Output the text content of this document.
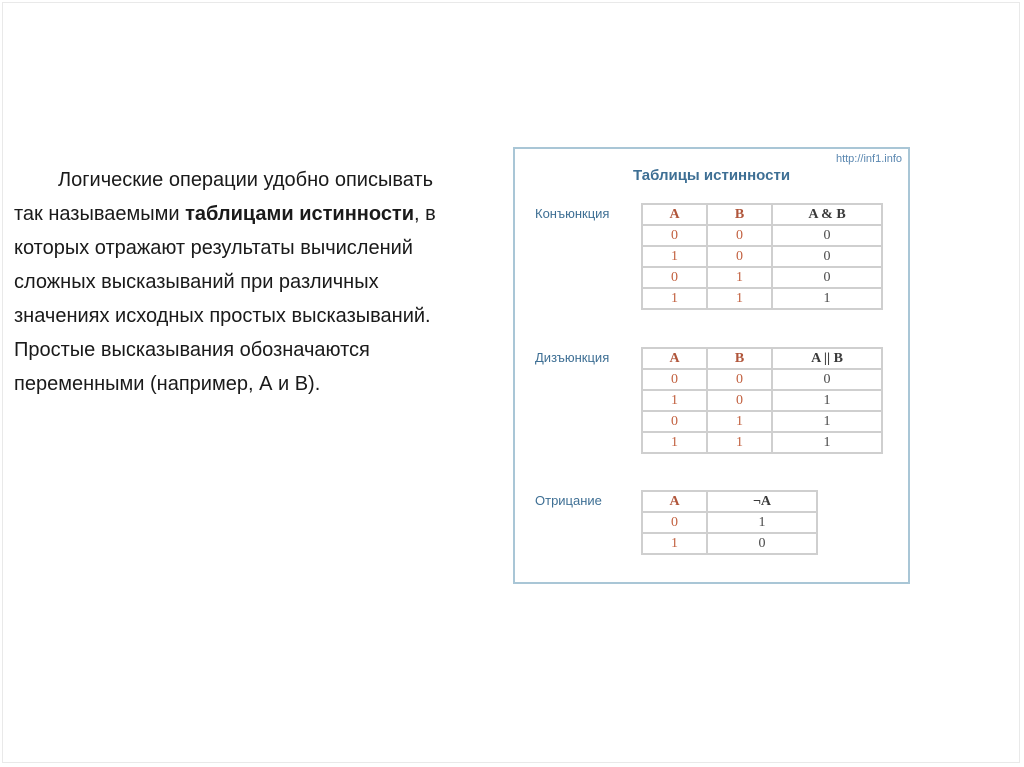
Логические операции удобно описывать

так называемыми таблицами истинности, в

которых отражают результаты вычислений

сложных высказываний при различных

значениях исходных простых высказываний.

Простые высказывания обозначаются

переменными (например, А и В).

http://inf1.info
Таблицы истинности
Конъюнкция	A	B	A & B
0	0	0
1	0	0
0	1	0
1	1	1
Дизъюнкция	A	B	A || B
0	0	0
1	0	1
0	1	1
1	1	1
Отрицание	A	¬A
0	1
1	0
